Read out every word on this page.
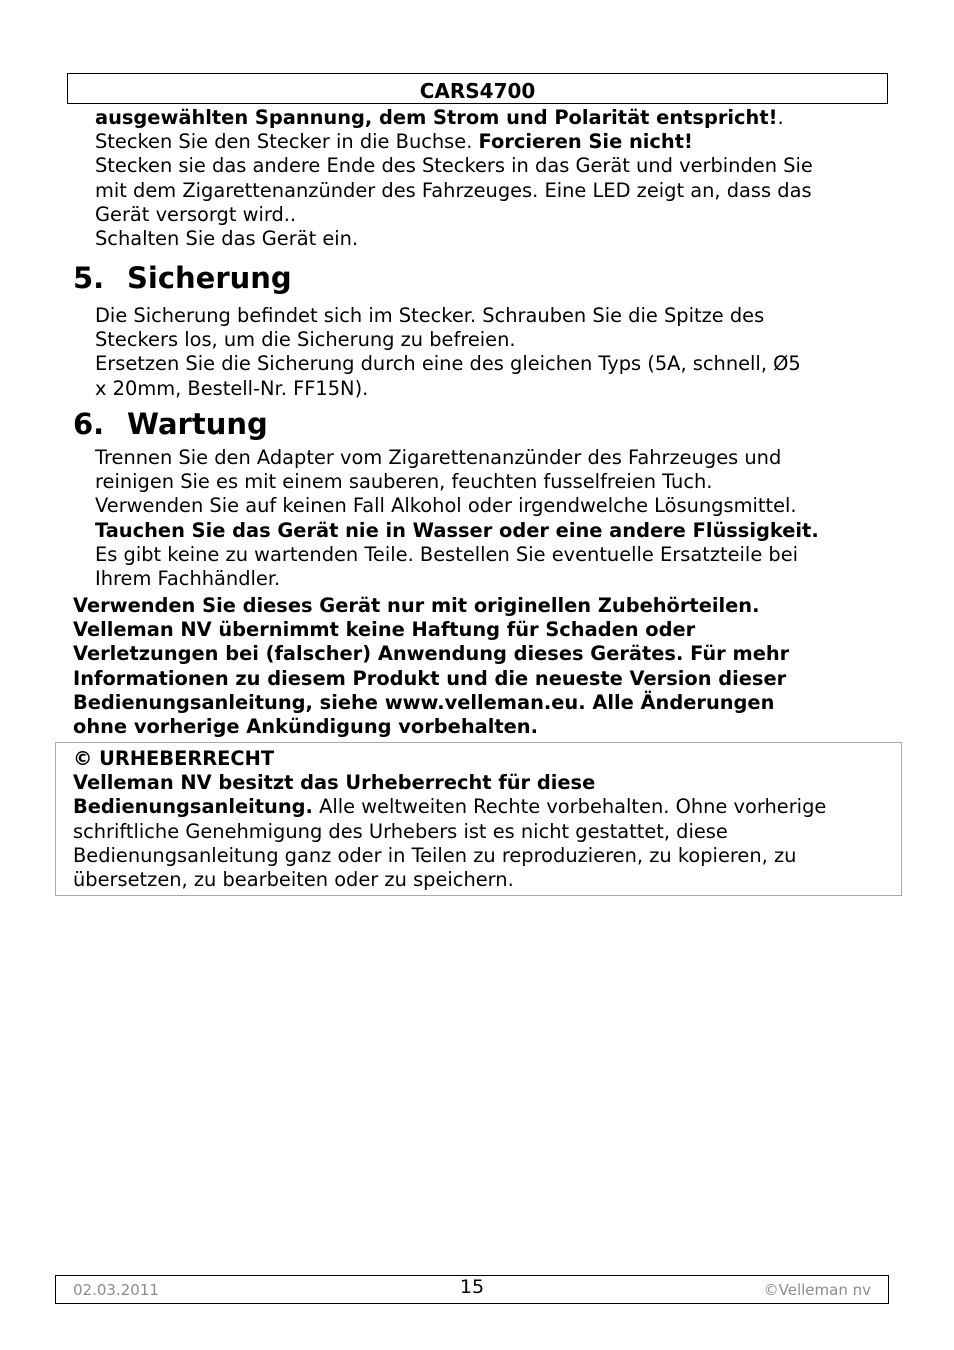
CARS4700
ausgewählten Spannung, dem Strom und Polarität entspricht!.
Stecken Sie den Stecker in die Buchse. Forcieren Sie nicht!
Stecken sie das andere Ende des Steckers in das Gerät und verbinden Sie
mit dem Zigarettenanzünder des Fahrzeuges. Eine LED zeigt an, dass das
Gerät versorgt wird..
Schalten Sie das Gerät ein.
5. Sicherung
Die Sicherung befindet sich im Stecker. Schrauben Sie die Spitze des
Steckers los, um die Sicherung zu befreien.
Ersetzen Sie die Sicherung durch eine des gleichen Typs (5A, schnell, Ø5
x 20mm, Bestell-Nr. FF15N).
6. Wartung
Trennen Sie den Adapter vom Zigarettenanzünder des Fahrzeuges und
reinigen Sie es mit einem sauberen, feuchten fusselfreien Tuch.
Verwenden Sie auf keinen Fall Alkohol oder irgendwelche Lösungsmittel.
Tauchen Sie das Gerät nie in Wasser oder eine andere Flüssigkeit.
Es gibt keine zu wartenden Teile. Bestellen Sie eventuelle Ersatzteile bei
Ihrem Fachhändler.
Verwenden Sie dieses Gerät nur mit originellen Zubehörteilen.
Velleman NV übernimmt keine Haftung für Schaden oder
Verletzungen bei (falscher) Anwendung dieses Gerätes. Für mehr
Informationen zu diesem Produkt und die neueste Version dieser
Bedienungsanleitung, siehe www.velleman.eu. Alle Änderungen
ohne vorherige Ankündigung vorbehalten.
© URHEBERRECHT
Velleman NV besitzt das Urheberrecht für diese
Bedienungsanleitung. Alle weltweiten Rechte vorbehalten. Ohne vorherige
schriftliche Genehmigung des Urhebers ist es nicht gestattet, diese
Bedienungsanleitung ganz oder in Teilen zu reproduzieren, zu kopieren, zu
übersetzen, zu bearbeiten oder zu speichern.
02.03.2011	15	©Velleman nv
